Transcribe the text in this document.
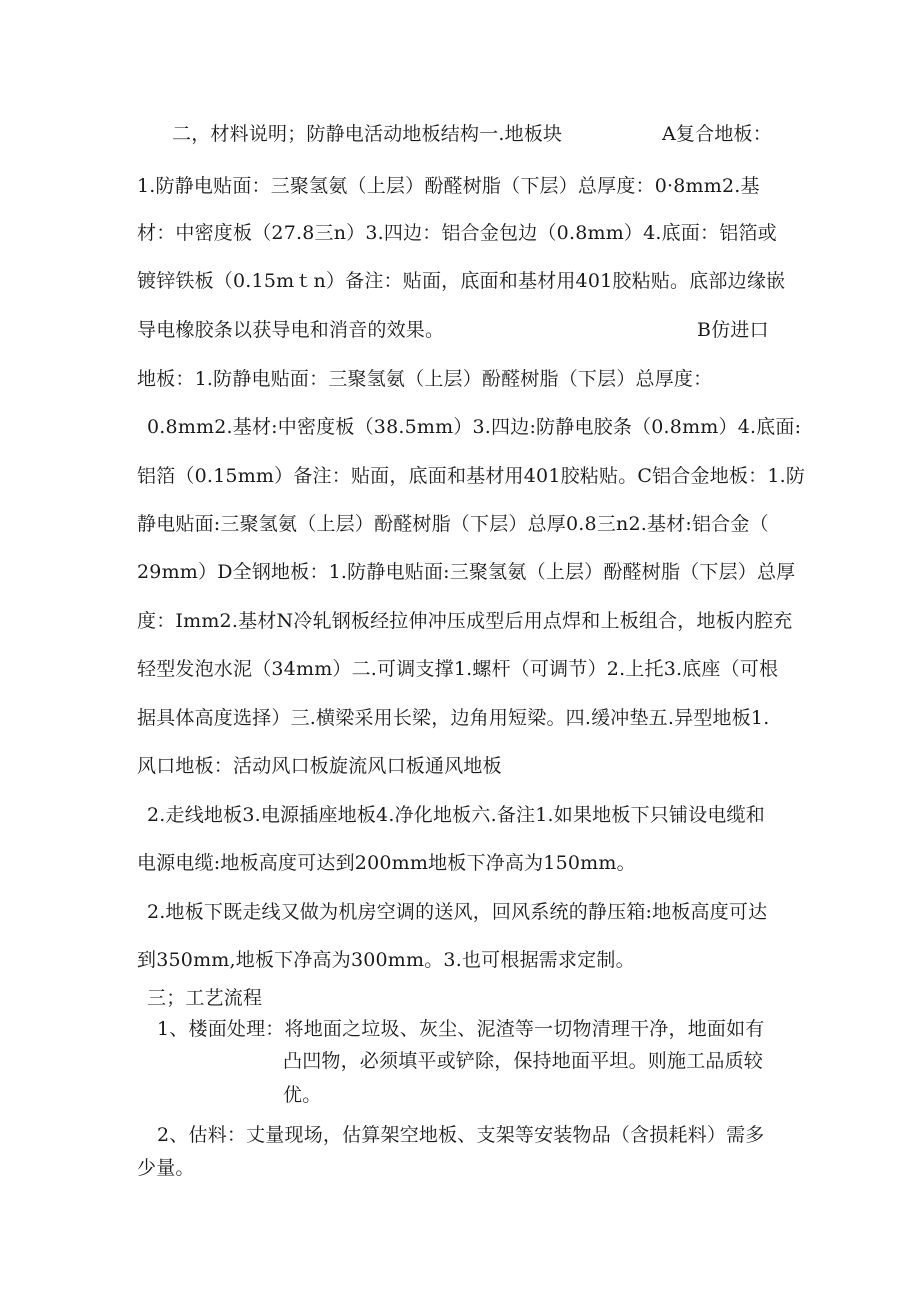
二，材料说明；防静电活动地板结构一.地板块	A复合地板：
1.防静电贴面：三聚氢氨（上层）酚醛树脂（下层）总厚度：0·8mm2.基
材：中密度板（27.8三n）3.四边：铝合金包边（0.8mm）4.底面：铝箔或
镀锌铁板（0.15mｔn）备注：贴面，底面和基材用401胶粘贴。底部边缘嵌
导电橡胶条以获导电和消音的效果。	B仿进口
地板：1.防静电贴面：三聚氢氨（上层）酚醛树脂（下层）总厚度：
0.8mm2.基材:中密度板（38.5mm）3.四边:防静电胶条（0.8mm）4.底面:
铝箔（0.15mm）备注：贴面，底面和基材用401胶粘贴。C铝合金地板：1.防
静电贴面:三聚氢氨（上层）酚醛树脂（下层）总厚0.8三n2.基材:铝合金（
29mm）D全钢地板：1.防静电贴面:三聚氢氨（上层）酚醛树脂（下层）总厚
度：Imm2.基材N冷轧钢板经拉伸冲压成型后用点焊和上板组合，地板内腔充
轻型发泡水泥（34mm）二.可调支撑1.螺杆（可调节）2.上托3.底座（可根
据具体高度选择）三.横梁采用长梁，边角用短梁。四.缓冲垫五.异型地板1.
风口地板：活动风口板旋流风口板通风地板
2.走线地板3.电源插座地板4.净化地板六.备注1.如果地板下只铺设电缆和
电源电缆:地板高度可达到200mm地板下净高为150mm。
2.地板下既走线又做为机房空调的送风，回风系统的静压箱:地板高度可达
到350mm,地板下净高为300mm。3.也可根据需求定制。
三；工艺流程
1、楼面处理：将地面之垃圾、灰尘、泥渣等一切物清理干净，地面如有
凸凹物，必须填平或铲除，保持地面平坦。则施工品质较
优。
2、估料：丈量现场，估算架空地板、支架等安装物品（含损耗料）需多
少量。
